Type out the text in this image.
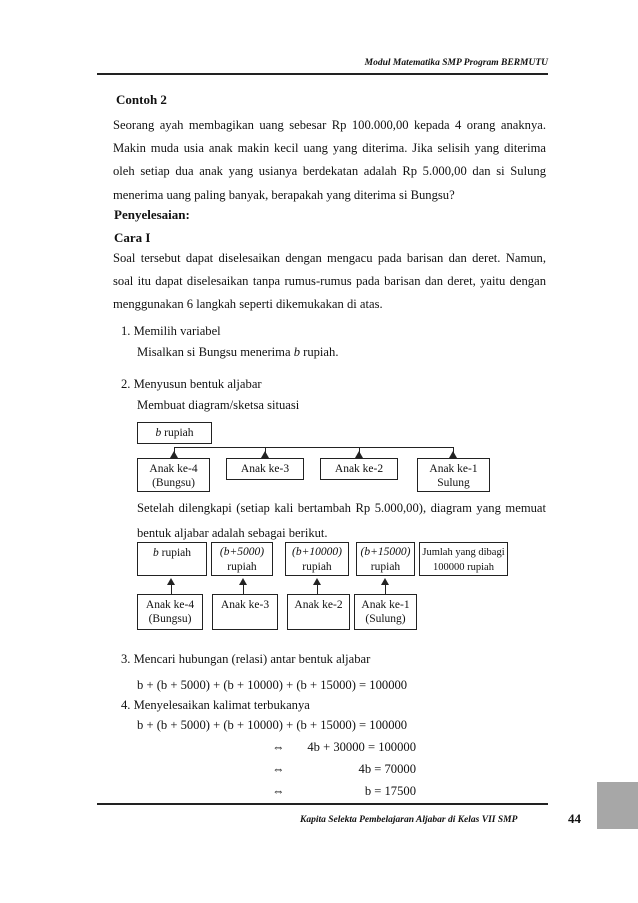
Modul Matematika SMP Program BERMUTU
Contoh 2
Seorang ayah membagikan uang sebesar Rp 100.000,00 kepada 4 orang anaknya. Makin muda usia anak makin kecil uang yang diterima. Jika selisih yang diterima oleh setiap dua anak yang usianya berdekatan adalah Rp 5.000,00 dan si Sulung menerima uang paling banyak, berapakah yang diterima si Bungsu?
Penyelesaian:
Cara I
Soal tersebut dapat diselesaikan dengan mengacu pada barisan dan deret. Namun, soal itu dapat diselesaikan tanpa rumus-rumus pada barisan dan deret, yaitu dengan menggunakan 6 langkah seperti dikemukakan di atas.
1. Memilih variabel
Misalkan si Bungsu menerima b rupiah.
2. Menyusun bentuk aljabar
Membuat diagram/sketsa situasi
b rupiah
Anak ke-4
(Bungsu)
Anak ke-3	Anak ke-2	Anak ke-1
Sulung
Setelah dilengkapi (setiap kali bertambah Rp 5.000,00), diagram yang memuat bentuk aljabar adalah sebagai berikut.
b rupiah	(b+5000)
rupiah
(b+10000)
rupiah
(b+15000)
rupiah
Jumlah yang dibagi
100000 rupiah
Anak ke-4
(Bungsu)
Anak ke-3	Anak ke-2	Anak ke-1
(Sulung)
3. Mencari hubungan (relasi) antar bentuk aljabar
b + (b + 5000) + (b + 10000) + (b + 15000) = 100000
4. Menyelesaikan kalimat terbukanya
b + (b + 5000) + (b + 10000) + (b + 15000) = 100000
⇔ 4b + 30000 = 100000
⇔	4b = 70000
⇔	b = 17500
Kapita Selekta Pembelajaran Aljabar di Kelas VII SMP	44
